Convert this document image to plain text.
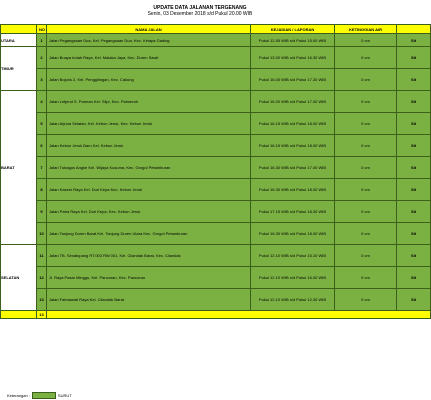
UPDATE DATA JALANAN TERGENANG
Senin, 03 Desember 2018 s/d Pukul 20.00 WIB
	NO	NAMA JALAN	KEJADIAN / LAPORAN	KETINGGIAN AIR	
UTARA	1	Jalan Pegangsaan Dua, Kel. Pegangsaan Dua, Kec. Kelapa Gading	Pukul 12.55 WIB s/d Pukul 15.00 WIB	0 cm	Sit
TIMUR	2	Jalan Buaya Indah Raya, Kel. Malaka Jaya, Kec. Duren Sawit	Pukul 13.00 WIB s/d Pukul 16.30 WIB	0 cm	Sit
	3	Jalan Bojonk 2, Kel. Penggilingan, Kec. Cakung	Pukul 16.00 WIB s/d Pukul 17.30 WIB	0 cm	Sit
BARAT	4	Jalan Letjend S. Parman Kel. Slipi, Kec. Palmerah	Pukul 16.00 WIB s/d Pukul 17.00 WIB	0 cm	Sit
	5	Jalan Arjuna Selatan, Kel. Kebon Jeruk, Kec. Kebon Jeruk	Pukul 16.15 WIB s/d Pukul 18.00 WIB	0 cm	Sit
	6	Jalan Kebon Jeruk Baru Kel. Kebon Jeruk	Pukul 16.15 WIB s/d Pukul 18.00 WIB	0 cm	Sit
	7	Jalan Tubagus Angke Kel. Wijaya Kusuma, Kec. Grogol Petamburan	Pukul 16.30 WIB s/d Pukul 17.00 WIB	0 cm	Sit
	8	Jalan Kasem Raya Kel. Duri Kepa Kec. Kebon Jeruk	Pukul 16.30 WIB s/d Pukul 18.00 WIB	0 cm	Sit
	9	Jalan Patra Raya Kel. Duri Kepa, Kec. Kebon Jeruk	Pukul 17.15 WIB s/d Pukul 18.30 WIB	0 cm	Sit
	10	Jalan Tanjung Duren Barat Kel. Tanjung Duren Utara Kec. Grogol Petamburan	Pukul 16.30 WIB s/d Pukul 18.00 WIB	0 cm	Sit
SELATAN	11	Jalan TB. Simatupang RT.003 RW.001, Kel. Cilandak Barat, Kec. Cilandak	Pukul 12.10 WIB s/d Pukul 15.10 WIB	0 cm	Sit
	12	Jl. Raya Pasar Minggu, Kel. Pancoran, Kec. Pancoran	Pukul 12.10 WIB s/d Pukul 16.00 WIB	0 cm	Sit
	13	Jalan Fatmawati Raya Kel. Cilandak Barat	Pukul 12.10 WIB s/d Pukul 12.30 WIB	0 cm	Sit
	13				
Keterangan :	SURUT
